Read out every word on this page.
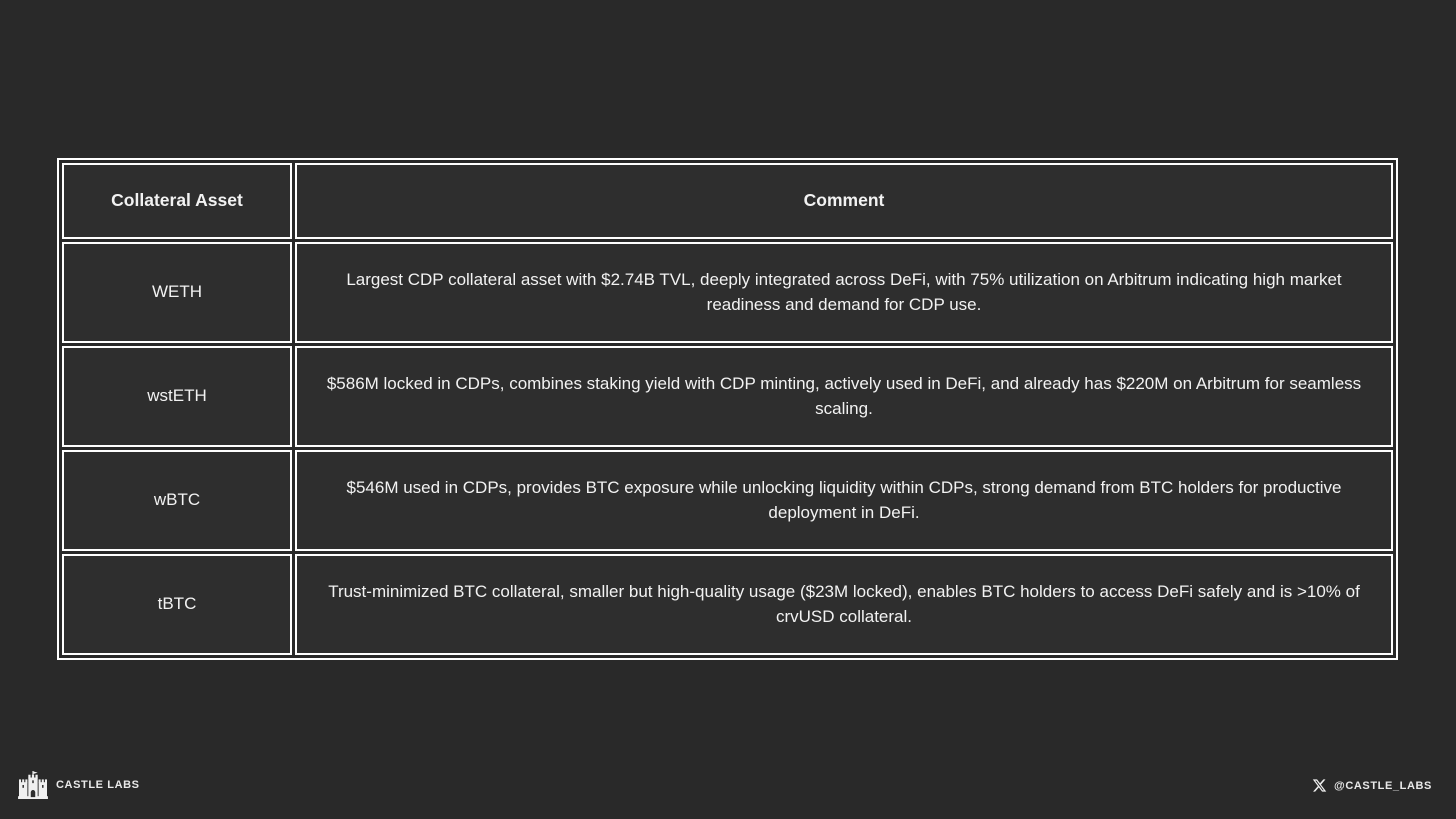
Collateral Asset	Comment
WETH	Largest CDP collateral asset with $2.74B TVL, deeply integrated across DeFi, with 75% utilization on Arbitrum indicating high market readiness and demand for CDP use.
wstETH	$586M locked in CDPs, combines staking yield with CDP minting, actively used in DeFi, and already has $220M on Arbitrum for seamless scaling.
wBTC	$546M used in CDPs, provides BTC exposure while unlocking liquidity within CDPs, strong demand from BTC holders for productive deployment in DeFi.
tBTC	Trust-minimized BTC collateral, smaller but high-quality usage ($23M locked), enables BTC holders to access DeFi safely and is >10% of crvUSD collateral.
CASTLE LABS	@CASTLE_LABS
